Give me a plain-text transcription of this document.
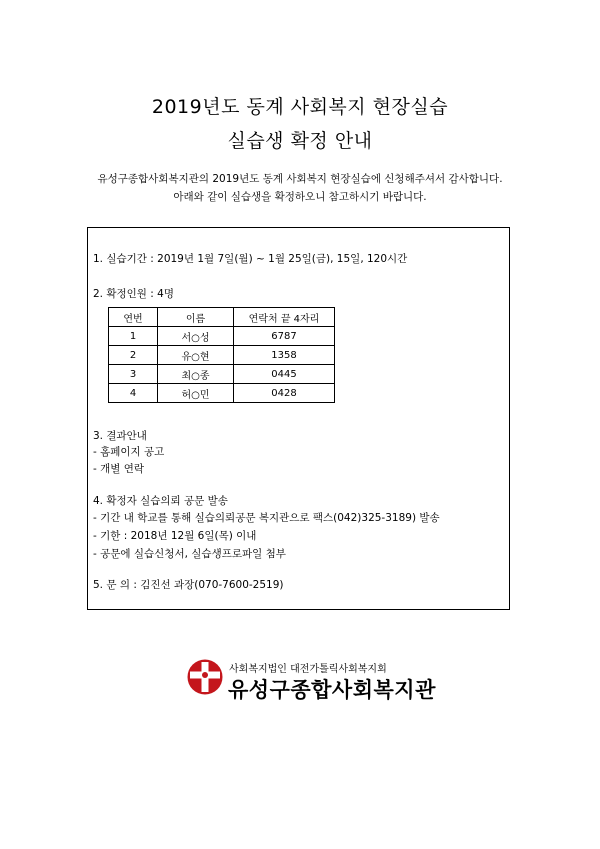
2019년도 동계 사회복지 현장실습
실습생 확정 안내
유성구종합사회복지관의 2019년도 동계 사회복지 현장실습에 신청해주셔서 감사합니다.
아래와 같이 실습생을 확정하오니 참고하시기 바랍니다.
1. 실습기간 : 2019년 1월 7일(월) ~ 1월 25일(금), 15일, 120시간
2. 확정인원 : 4명
연번	이름	연락처 끝 4자리
1	서○성	6787
2	유○현	1358
3	최○종	0445
4	허○민	0428
3. 결과안내
- 홈페이지 공고
- 개별 연락
4. 확정자 실습의뢰 공문 발송
- 기간 내 학교를 통해 실습의뢰공문 복지관으로 팩스(042)325-3189) 발송
- 기한 : 2018년 12월 6일(목) 이내
- 공문에 실습신청서, 실습생프로파일 첨부
5. 문 의 : 김진선 과장(070-7600-2519)
사회복지법인 대전가톨릭사회복지회
유성구종합사회복지관
